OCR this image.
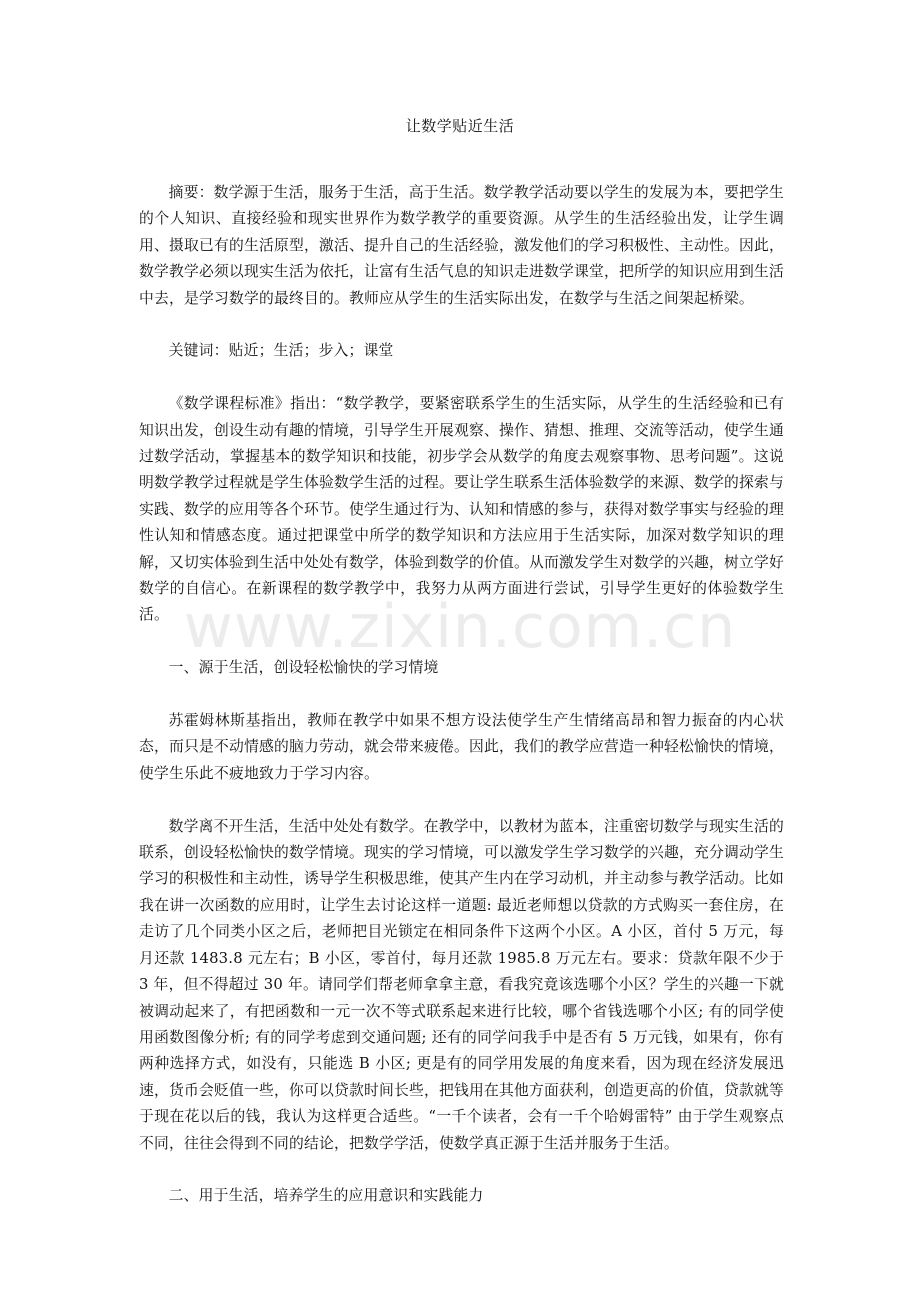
www.zixin.com.cn
让数学贴近生活

摘要：数学源于生活，服务于生活，高于生活。数学教学活动要以学生的发展为本，要把学生的个人知识、直接经验和现实世界作为数学教学的重要资源。从学生的生活经验出发，让学生调用、摄取已有的生活原型，激活、提升自己的生活经验，激发他们的学习积极性、主动性。因此，数学教学必须以现实生活为依托，让富有生活气息的知识走进数学课堂，把所学的知识应用到生活中去，是学习数学的最终目的。教师应从学生的生活实际出发，在数学与生活之间架起桥梁。

关键词：贴近；生活；步入；课堂

《数学课程标准》指出：“数学教学，要紧密联系学生的生活实际，从学生的生活经验和已有知识出发，创设生动有趣的情境，引导学生开展观察、操作、猜想、推理、交流等活动，使学生通过数学活动，掌握基本的数学知识和技能，初步学会从数学的角度去观察事物、思考问题”。这说明数学教学过程就是学生体验数学生活的过程。要让学生联系生活体验数学的来源、数学的探索与实践、数学的应用等各个环节。使学生通过行为、认知和情感的参与，获得对数学事实与经验的理性认知和情感态度。通过把课堂中所学的数学知识和方法应用于生活实际，加深对数学知识的理解，又切实体验到生活中处处有数学，体验到数学的价值。从而激发学生对数学的兴趣，树立学好数学的自信心。在新课程的数学教学中，我努力从两方面进行尝试，引导学生更好的体验数学生活。

一、源于生活，创设轻松愉快的学习情境

苏霍姆林斯基指出，教师在教学中如果不想方设法使学生产生情绪高昂和智力振奋的内心状态，而只是不动情感的脑力劳动，就会带来疲倦。因此，我们的教学应营造一种轻松愉快的情境，使学生乐此不疲地致力于学习内容。

数学离不开生活，生活中处处有数学。在教学中，以教材为蓝本，注重密切数学与现实生活的联系，创设轻松愉快的数学情境。现实的学习情境，可以激发学生学习数学的兴趣，充分调动学生学习的积极性和主动性，诱导学生积极思维，使其产生内在学习动机，并主动参与教学活动。比如我在讲一次函数的应用时，让学生去讨论这样一道题: 最近老师想以贷款的方式购买一套住房，在走访了几个同类小区之后，老师把目光锁定在相同条件下这两个小区。A 小区，首付 5 万元，每月还款 1483.8 元左右；B 小区，零首付，每月还款 1985.8 万元左右。要求：贷款年限不少于 3 年，但不得超过 30 年。请同学们帮老师拿拿主意，看我究竟该选哪个小区？学生的兴趣一下就被调动起来了，有把函数和一元一次不等式联系起来进行比较，哪个省钱选哪个小区; 有的同学使用函数图像分析; 有的同学考虑到交通问题; 还有的同学问我手中是否有 5 万元钱，如果有，你有两种选择方式，如没有，只能选 B 小区; 更是有的同学用发展的角度来看，因为现在经济发展迅速，货币会贬值一些，你可以贷款时间长些，把钱用在其他方面获利，创造更高的价值，贷款就等于现在花以后的钱，我认为这样更合适些。“一千个读者，会有一千个哈姆雷特” 由于学生观察点不同，往往会得到不同的结论，把数学学活，使数学真正源于生活并服务于生活。

二、用于生活，培养学生的应用意识和实践能力
